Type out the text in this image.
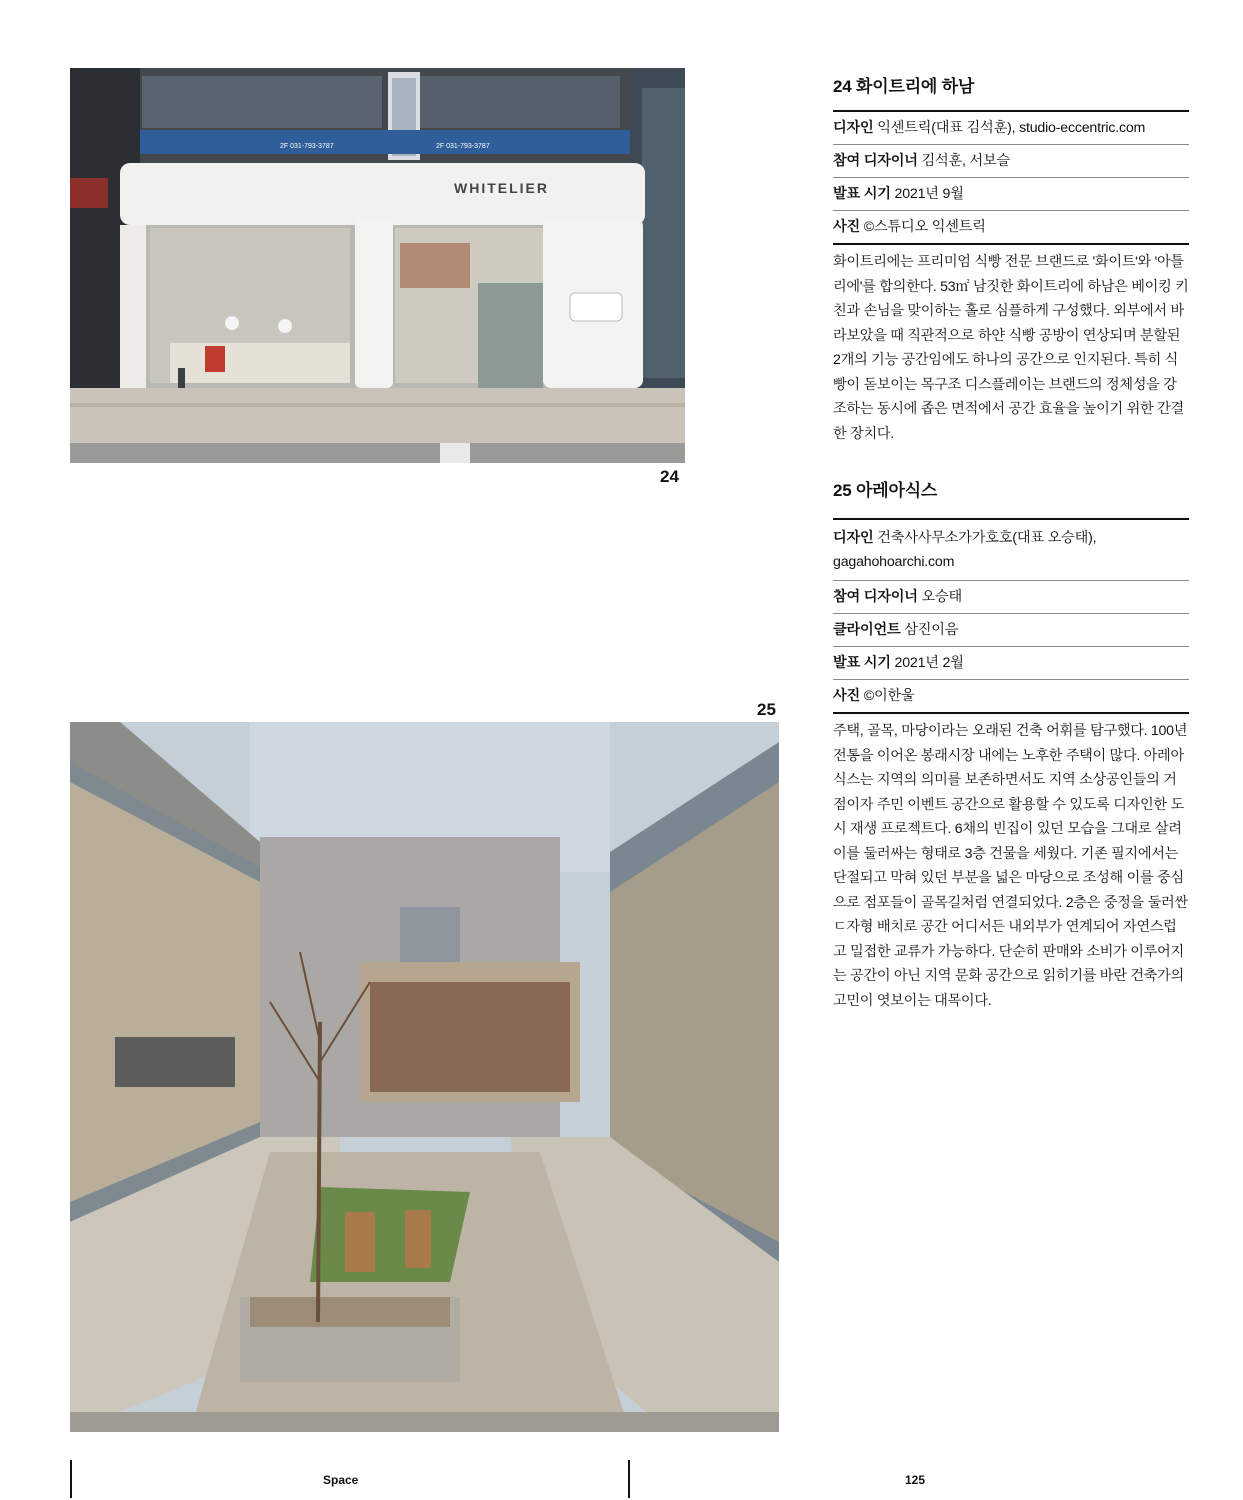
2F 031-793-3787	2F 031-793-3787
WHITELIER
24
25
24 화이트리에 하남
디자인 익센트릭(대표 김석훈), studio-eccentric.com
참여 디자이너 김석훈, 서보슬
발표 시기 2021년 9월
사진 ©스튜디오 익센트릭

화이트리에는 프리미엄 식빵 전문 브랜드로 '화이트'와 '아틀리에'를 합의한다. 53㎡ 남짓한 화이트리에 하남은 베이킹 키친과 손님을 맞이하는 홀로 심플하게 구성했다. 외부에서 바라보았을 때 직관적으로 하얀 식빵 공방이 연상되며 분할된 2개의 기능 공간임에도 하나의 공간으로 인지된다. 특히 식빵이 돋보이는 목구조 디스플레이는 브랜드의 정체성을 강조하는 동시에 좁은 면적에서 공간 효율을 높이기 위한 간결한 장치다.

25 아레아식스
디자인 건축사사무소가가호호(대표 오승태), gagahohoarchi.com
참여 디자이너 오승태
클라이언트 삼진이음
발표 시기 2021년 2월
사진 ©이한울

주택, 골목, 마당이라는 오래된 건축 어휘를 탐구했다. 100년 전통을 이어온 봉래시장 내에는 노후한 주택이 많다. 아레아식스는 지역의 의미를 보존하면서도 지역 소상공인들의 거점이자 주민 이벤트 공간으로 활용할 수 있도록 디자인한 도시 재생 프로젝트다. 6채의 빈집이 있던 모습을 그대로 살려 이를 둘러싸는 형태로 3층 건물을 세웠다. 기존 필지에서는 단절되고 막혀 있던 부분을 넓은 마당으로 조성해 이를 중심으로 점포들이 골목길처럼 연결되었다. 2층은 중정을 둘러싼 ㄷ자형 배치로 공간 어디서든 내외부가 연계되어 자연스럽고 밀접한 교류가 가능하다. 단순히 판매와 소비가 이루어지는 공간이 아닌 지역 문화 공간으로 읽히기를 바란 건축가의 고민이 엿보이는 대목이다.

Space	125
